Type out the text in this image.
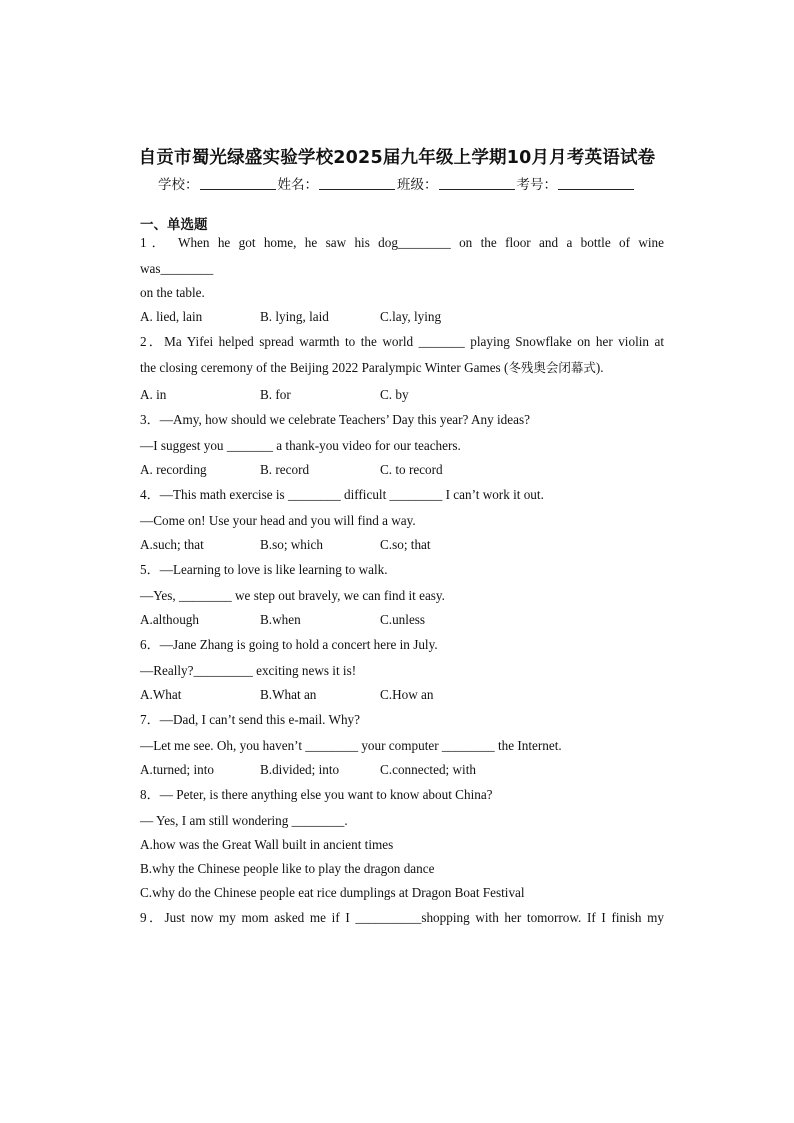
自贡市蜀光绿盛实验学校2025届九年级上学期10月月考英语试卷
学校：	姓名：	班级：	考号：
一、单选题
1． When he got home, he saw his dog________ on the floor and a bottle of wine
was________
on the table.
A. lied, lain	B. lying, laid	C.lay, lying
2．Ma Yifei helped spread warmth to the world _______ playing Snowflake on her violin at
the closing ceremony of the Beijing 2022 Paralympic Winter Games (冬残奥会闭幕式).
A. in	B. for	C. by
3．—Amy, how should we celebrate Teachers’ Day this year? Any ideas?
—I suggest you _______ a thank-you video for our teachers.
A. recording	B. record	C. to record
4．—This math exercise is ________ difficult ________ I can’t work it out.
—Come on! Use your head and you will find a way.
A.such; that	B.so; which	C.so; that
5．—Learning to love is like learning to walk.
—Yes, ________ we step out bravely, we can find it easy.
A.although	B.when	C.unless
6．—Jane Zhang is going to hold a concert here in July.
—Really?_________ exciting news it is!
A.What	B.What an	C.How an
7．—Dad, I can’t send this e-mail. Why?
—Let me see. Oh, you haven’t ________ your computer ________ the Internet.
A.turned; into	B.divided; into	C.connected; with
8．— Peter, is there anything else you want to know about China?
— Yes, I am still wondering ________.
A.how was the Great Wall built in ancient times
B.why the Chinese people like to play the dragon dance
C.why do the Chinese people eat rice dumplings at Dragon Boat Festival
9．Just now my mom asked me if I __________shopping with her tomorrow. If I finish my
